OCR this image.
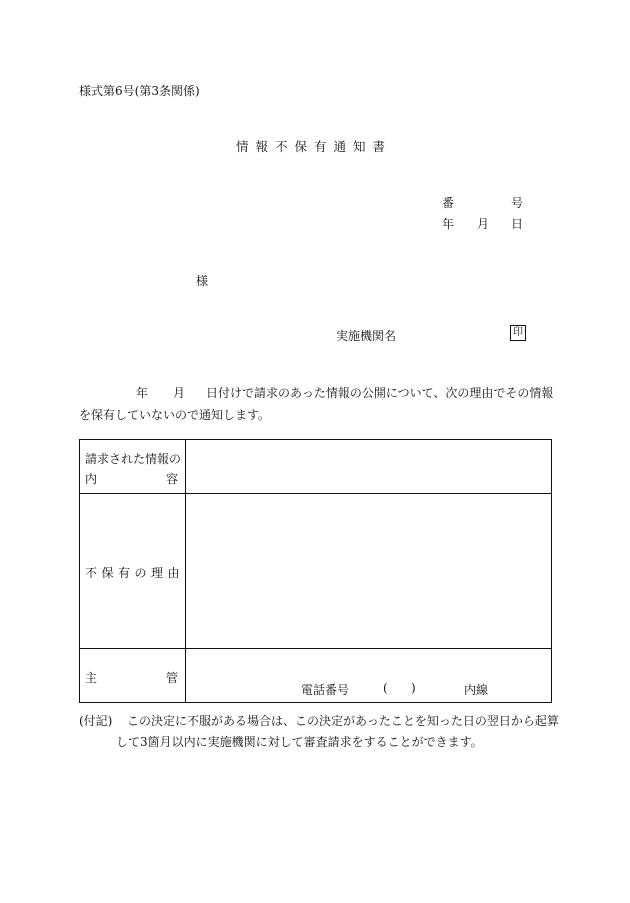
様式第6号(第3条関係)
情報不保有通知書
番	号
年 月 日
様
実施機関名	印
年 月 日付けで請求のあった情報の公開について、次の理由でその情報
を保有していないので通知します。
請求された情報の
内 容	

不保有の理由	

主 管	電話番号 ( ) 内線
(付記) この決定に不服がある場合は、この決定があったことを知った日の翌日から起算
して3箇月以内に実施機関に対して審査請求をすることができます。
